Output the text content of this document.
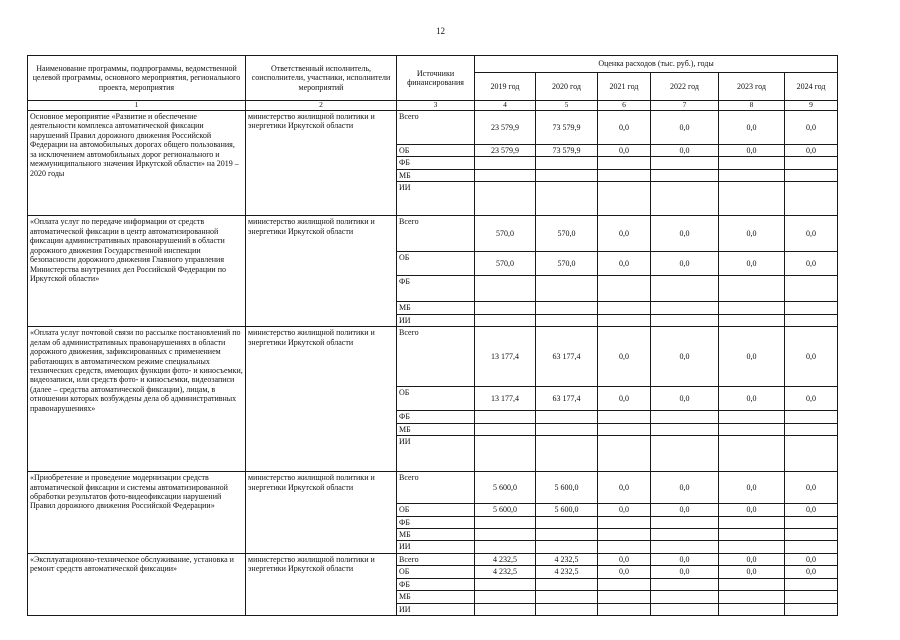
12
Наименование программы, подпрограммы, ведомственной целевой программы, основного мероприятия, регионального проекта, мероприятия	Ответственный исполнитель, соисполнители, участники, исполнители мероприятий	Источники финансирования	Оценка расходов (тыс. руб.), годы					
			2019 год	2020 год	2021 год	2022 год	2023 год	2024 год
1	2	3	4	5	6	7	8	9
Основное мероприятие «Развитие и обеспечение деятельности комплекса автоматической фиксации нарушений Правил дорожного движения Российской Федерации на автомобильных дорогах общего пользования, за исключением автомобильных дорог регионального и межмуниципального значения Иркутской области» на 2019 – 2020 годы	министерство жилищной политики и энергетики Иркутской области	Всего	23 579,9	73 579,9	0,0	0,0	0,0	0,0
		ОБ	23 579,9	73 579,9	0,0	0,0	0,0	0,0
		ФБ						
		МБ						
		ИИ						
«Оплата услуг по передаче информации от средств автоматической фиксации в центр автоматизированной фиксации административных правонарушений в области дорожного движения Государственной инспекции безопасности дорожного движения Главного управления Министерства внутренних дел Российской Федерации по Иркутской области»	министерство жилищной политики и энергетики Иркутской области	Всего	570,0	570,0	0,0	0,0	0,0	0,0
		ОБ	570,0	570,0	0,0	0,0	0,0	0,0
		ФБ						
		МБ						
		ИИ						
«Оплата услуг почтовой связи по рассылке постановлений по делам об административных правонарушениях в области дорожного движения, зафиксированных с применением работающих в автоматическом режиме специальных технических средств, имеющих функции фото- и киносъемки, видеозаписи, или средств фото- и киносъемки, видеозаписи (далее – средства автоматической фиксации), лицам, в отношении которых возбуждены дела об административных правонарушениях»	министерство жилищной политики и энергетики Иркутской области	Всего	13 177,4	63 177,4	0,0	0,0	0,0	0,0
		ОБ	13 177,4	63 177,4	0,0	0,0	0,0	0,0
		ФБ						
		МБ						
		ИИ						
«Приобретение и проведение модернизации средств автоматической фиксации и системы автоматизированной обработки результатов фото-видеофиксации нарушений Правил дорожного движения Российской Федерации»	министерство жилищной политики и энергетики Иркутской области	Всего	5 600,0	5 600,0	0,0	0,0	0,0	0,0
		ОБ	5 600,0	5 600,0	0,0	0,0	0,0	0,0
		ФБ						
		МБ						
		ИИ						
«Эксплуатационно-техническое обслуживание, установка и ремонт средств автоматической фиксации»	министерство жилищной политики и энергетики Иркутской области	Всего	4 232,5	4 232,5	0,0	0,0	0,0	0,0
		ОБ	4 232,5	4 232,5	0,0	0,0	0,0	0,0
		ФБ						
		МБ						
		ИИ						
